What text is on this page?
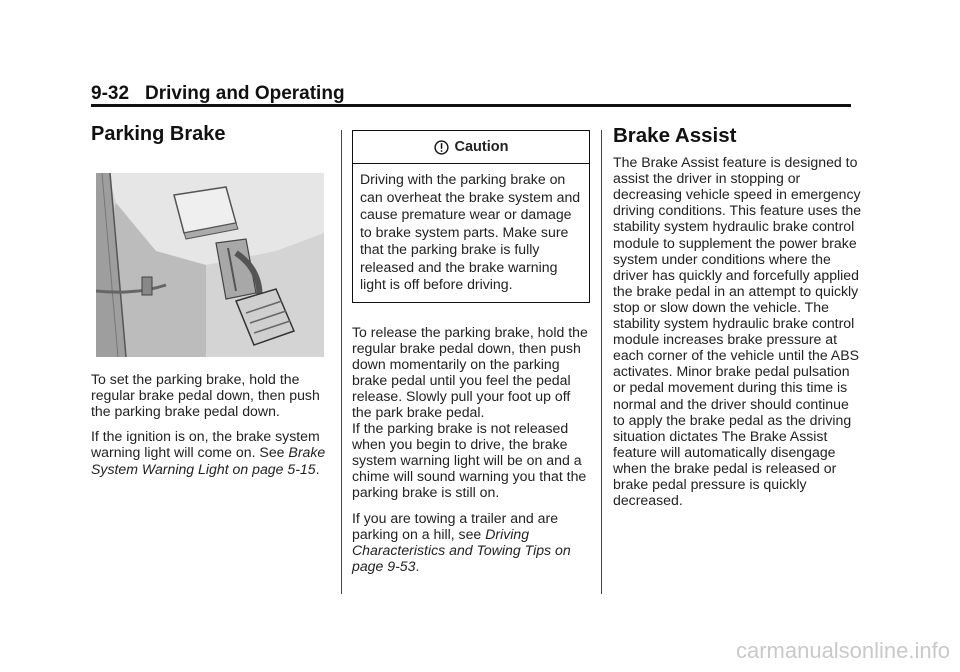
9-32 Driving and Operating
Parking Brake

To set the parking brake, hold the regular brake pedal down, then push the parking brake pedal down.

If the ignition is on, the brake system warning light will come on. See Brake System Warning Light on page 5-15.

Caution
Driving with the parking brake on can overheat the brake system and cause premature wear or damage to brake system parts. Make sure that the parking brake is fully released and the brake warning light is off before driving.

To release the parking brake, hold the regular brake pedal down, then push down momentarily on the parking brake pedal until you feel the pedal release. Slowly pull your foot up off the park brake pedal.

If the parking brake is not released when you begin to drive, the brake system warning light will be on and a chime will sound warning you that the parking brake is still on.

If you are towing a trailer and are parking on a hill, see Driving Characteristics and Towing Tips on page 9-53.

Brake Assist

The Brake Assist feature is designed to assist the driver in stopping or decreasing vehicle speed in emergency driving conditions. This feature uses the stability system hydraulic brake control module to supplement the power brake system under conditions where the driver has quickly and forcefully applied the brake pedal in an attempt to quickly stop or slow down the vehicle. The stability system hydraulic brake control module increases brake pressure at each corner of the vehicle until the ABS activates. Minor brake pedal pulsation or pedal movement during this time is normal and the driver should continue to apply the brake pedal as the driving situation dictates The Brake Assist feature will automatically disengage when the brake pedal is released or brake pedal pressure is quickly decreased.

carmanualsonline.info
